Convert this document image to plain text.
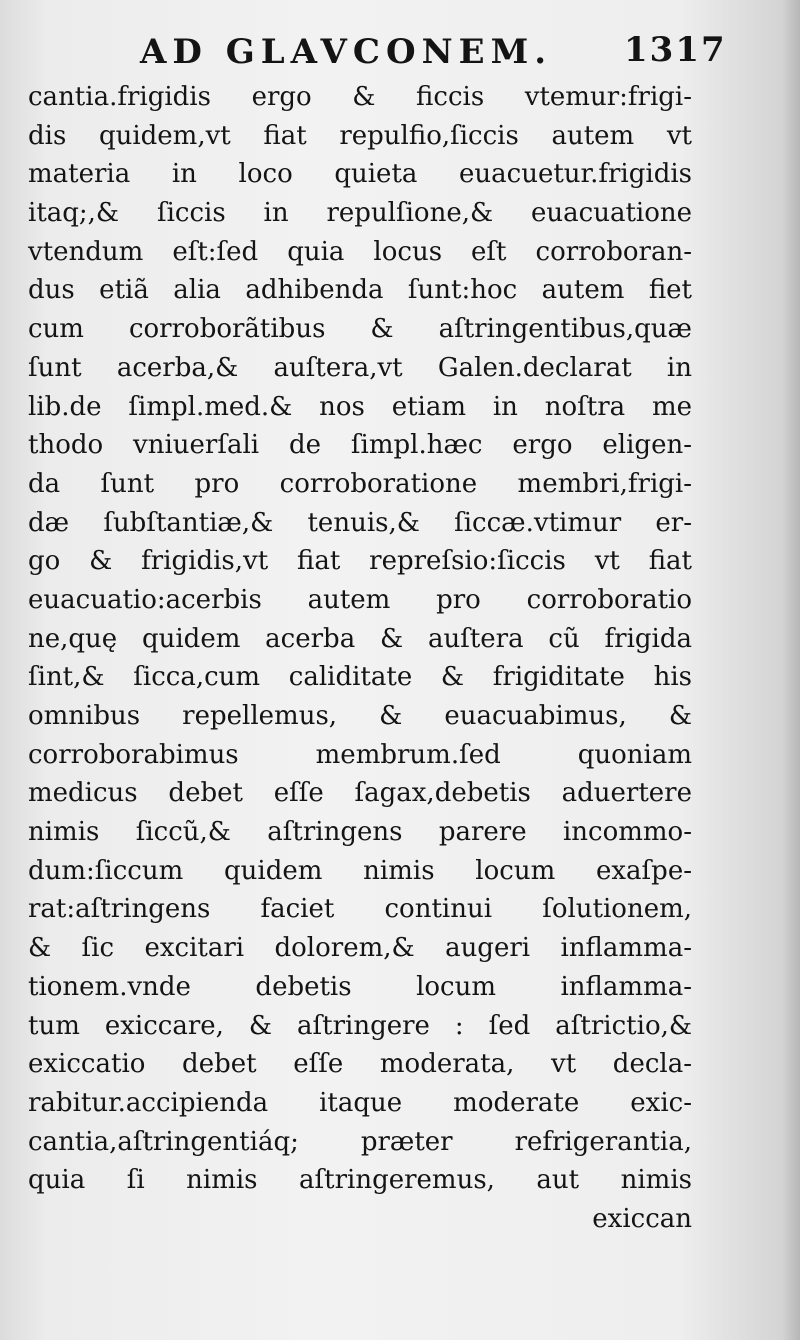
AD GLAVCONEM. 1317
cantia.frigidis ergo & ficcis vtemur:frigi-
dis quidem,vt fiat repulfio,ſiccis autem vt
materia in loco quieta euacuetur.frigidis
itaq;,& ſiccis in repulſione,& euacuatione
vtendum eſt:ſed quia locus eſt corroboran-
dus etiã alia adhibenda ſunt:hoc autem fiet
cum corroborãtibus & aſtringentibus,quæ
ſunt acerba,& auſtera,vt Galen.declarat in
lib.de ſimpl.med.& nos etiam in noſtra me
thodo vniuerſali de ſimpl.hæc ergo eligen-
da ſunt pro corroboratione membri,frigi-
dæ ſubſtantiæ,& tenuis,& ſiccæ.vtimur er-
go & frigidis,vt fiat repreſsio:ſiccis vt fiat
euacuatio:acerbis autem pro corroboratio
ne,quę quidem acerba & auſtera cũ frigida
ſint,& ſicca,cum caliditate & frigiditate his
omnibus repellemus, & euacuabimus, &
corroborabimus membrum.ſed quoniam
medicus debet eſſe ſagax,debetis aduertere
nimis ſiccũ,& aſtringens parere incommo-
dum:ſiccum quidem nimis locum exaſpe-
rat:aſtringens faciet continui ſolutionem,
& ſic excitari dolorem,& augeri inflamma-
tionem.vnde debetis locum inflamma-
tum exiccare, & aſtringere : ſed aſtrictio,&
exiccatio debet eſſe moderata, vt decla-
rabitur.accipienda itaque moderate exic-
cantia,aſtringentiáq; præter refrigerantia,
quia ſi nimis aſtringeremus, aut nimis
exiccan
